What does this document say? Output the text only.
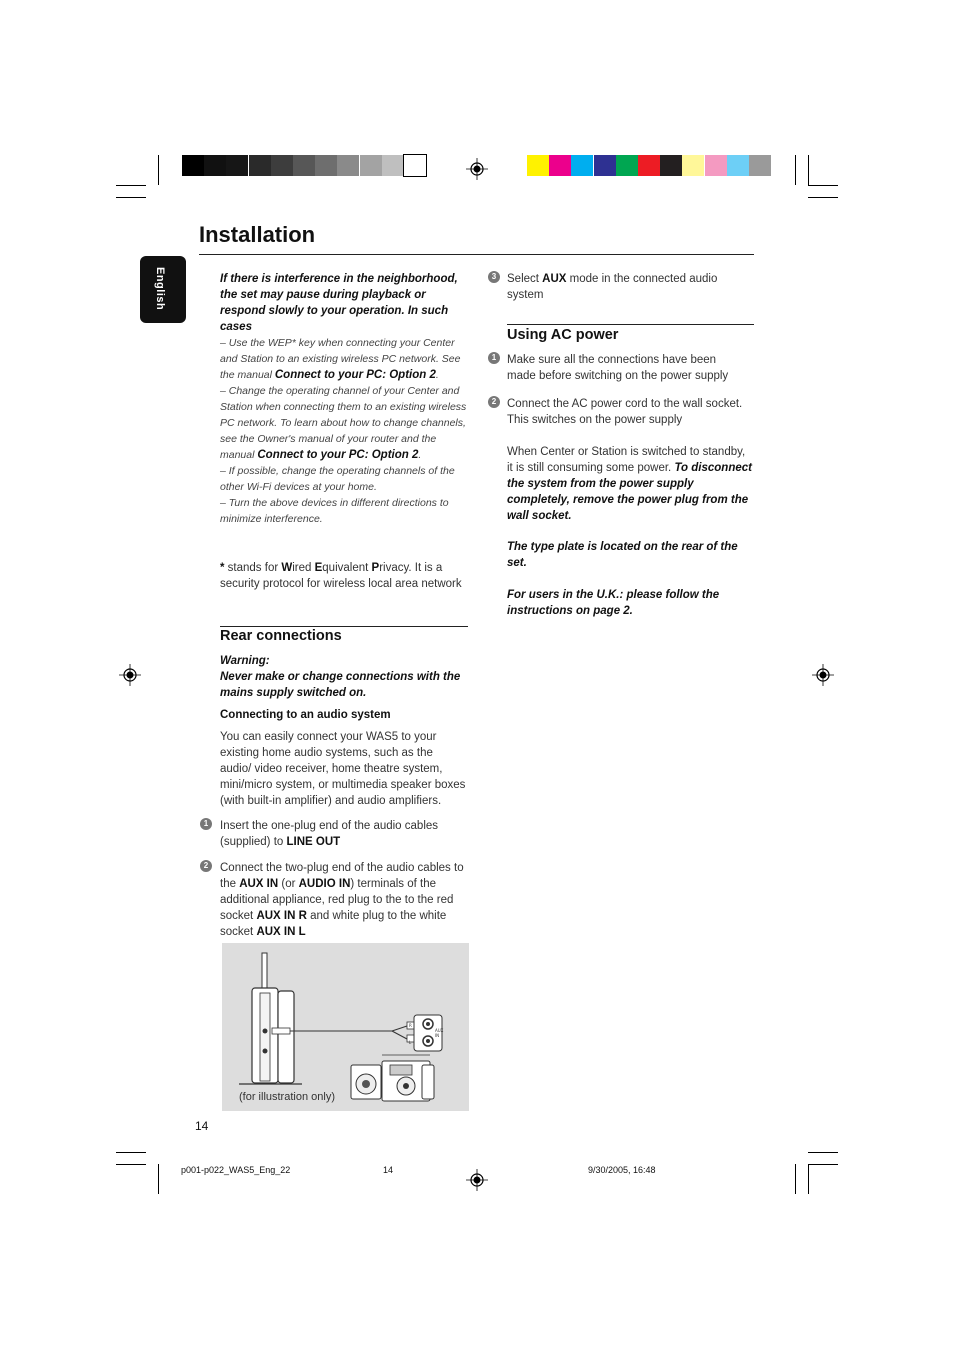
Installation
English	If there is interference in the neighborhood, the set may pause during playback or respond slowly to your operation. In such cases
– Use the WEP* key when connecting your Center and Station to an existing wireless PC network. See the manual Connect to your PC: Option 2.
– Change the operating channel of your Center and Station when connecting them to an existing wireless PC network. To learn about how to change channels, see the Owner's manual of your router and the manual Connect to your PC: Option 2.
– If possible, change the operating channels of the other Wi-Fi devices at your home.
– Turn the above devices in different directions to minimize interference.
* stands for Wired Equivalent Privacy. It is a security protocol for wireless local area network
Rear connections
Warning:
Never make or change connections with the mains supply switched on.
Connecting to an audio system
You can easily connect your WAS5 to your existing home audio systems, such as the audio/ video receiver, home theatre system, mini/micro system, or multimedia speaker boxes (with built-in amplifier) and audio amplifiers.
1	Insert the one-plug end of the audio cables (supplied) to LINE OUT
2	Connect the two-plug end of the audio cables to the AUX IN (or AUDIO IN) terminals of the additional appliance, red plug to the to the red socket AUX IN R and white plug to the white socket AUX IN L
R
L
AUX
IN
(for illustration only)
3 Select AUX mode in the connected audio system
Using AC power
1 Make sure all the connections have been made before switching on the power supply
2 Connect the AC power cord to the wall socket. This switches on the power supply
When Center or Station is switched to standby, it is still consuming some power. To disconnect the system from the power supply completely, remove the power plug from the wall socket.
The type plate is located on the rear of the set.
For users in the U.K.: please follow the instructions on page 2.
14
p001-p022_WAS5_Eng_22	14	9/30/2005, 16:48
